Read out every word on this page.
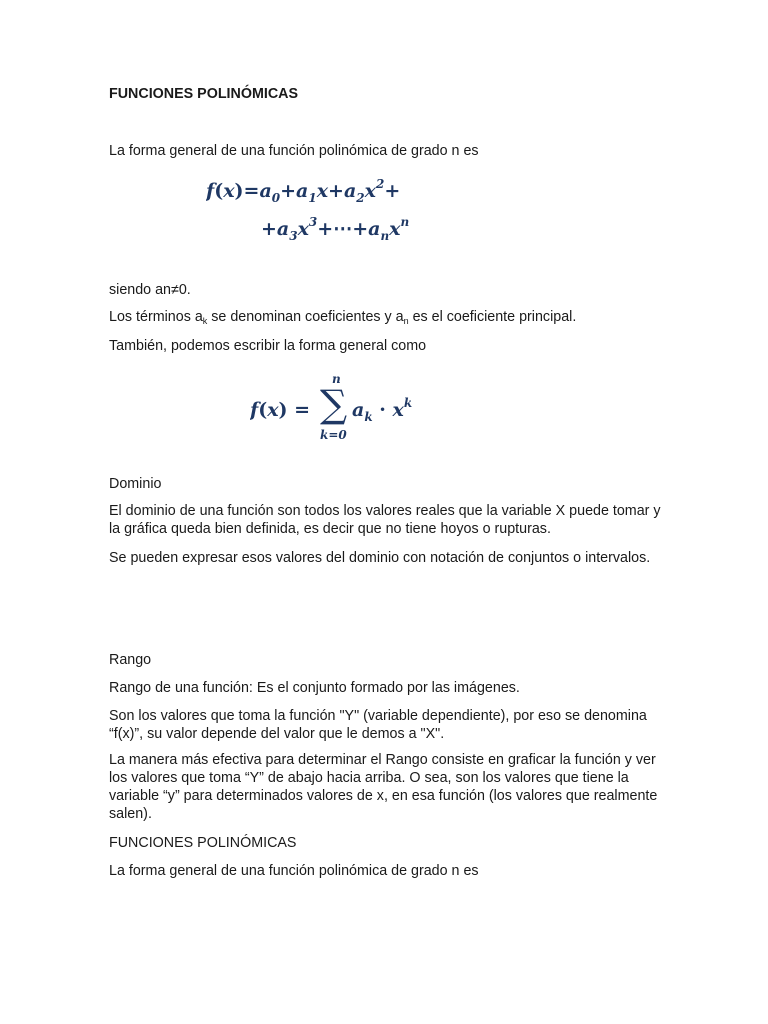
FUNCIONES POLINÓMICAS

La forma general de una función polinómica de grado n es

$f(x)=a_0+a_1x+a_2x^2+$
$+a_3x^3+\cdots+a_nx^n$

siendo an≠0.

Los términos $a_k$ se denominan coeficientes y $a_n$ es el coeficiente principal.

También, podemos escribir la forma general como

f(x) =
n
∑
k=0
$a_k \cdot x^k$

Dominio

El dominio de una función son todos los valores reales que la variable X puede tomar y la gráfica queda bien definida, es decir que no tiene hoyos o rupturas.

Se pueden expresar esos valores del dominio con notación de conjuntos o intervalos.

Rango

Rango de una función: Es el conjunto formado por las imágenes.

Son los valores que toma la función "Y" (variable dependiente), por eso se denomina “f(x)”, su valor depende del valor que le demos a "X".

La manera más efectiva para determinar el Rango consiste en graficar la función y ver los valores que toma “Y” de abajo hacia arriba. O sea, son los valores que tiene la variable “y” para determinados valores de x, en esa función (los valores que realmente salen).

FUNCIONES POLINÓMICAS

La forma general de una función polinómica de grado n es
